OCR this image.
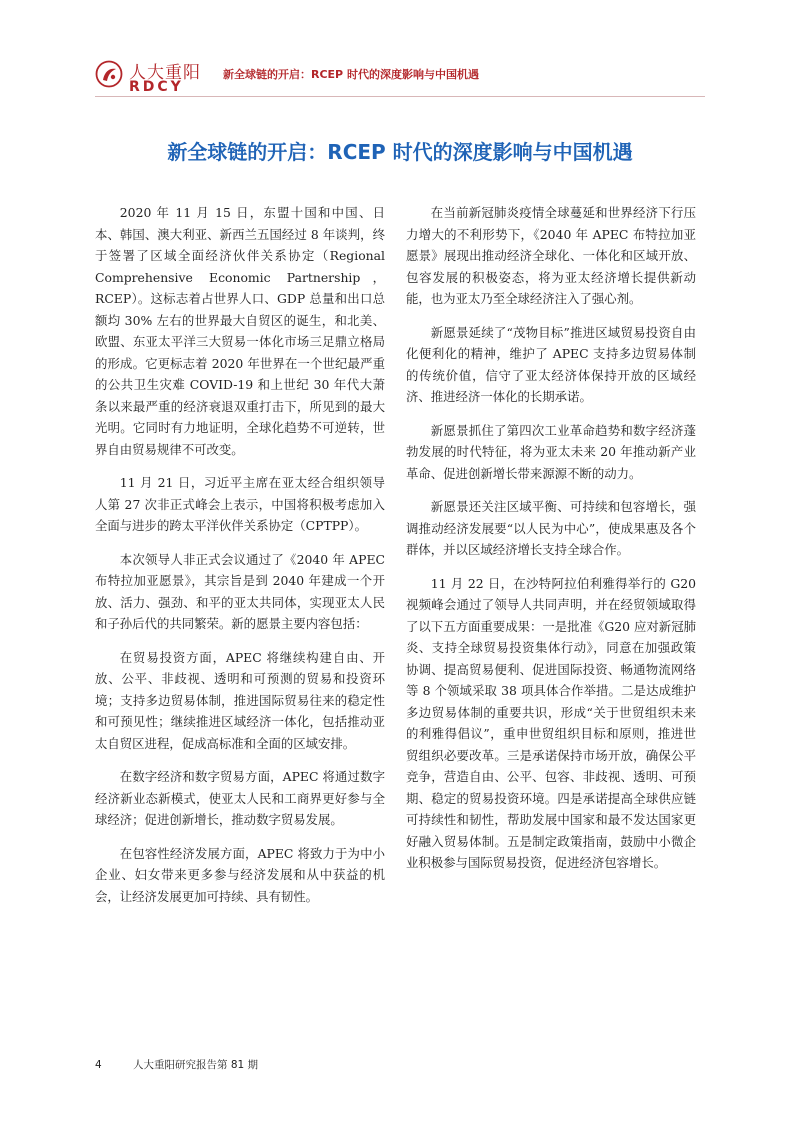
人大重阳
RDCY
新全球链的开启：RCEP 时代的深度影响与中国机遇
新全球链的开启：RCEP 时代的深度影响与中国机遇

2020 年 11 月 15 日，东盟十国和中国、日本、韩国、澳大利亚、新西兰五国经过 8 年谈判，终于签署了区域全面经济伙伴关系协定（Regional Comprehensive Economic Partnership，RCEP）。这标志着占世界人口、GDP 总量和出口总额均 30% 左右的世界最大自贸区的诞生，和北美、欧盟、东亚太平洋三大贸易一体化市场三足鼎立格局的形成。它更标志着 2020 年世界在一个世纪最严重的公共卫生灾难 COVID-19 和上世纪 30 年代大萧条以来最严重的经济衰退双重打击下，所见到的最大光明。它同时有力地证明，全球化趋势不可逆转，世界自由贸易规律不可改变。

11 月 21 日，习近平主席在亚太经合组织领导人第 27 次非正式峰会上表示，中国将积极考虑加入全面与进步的跨太平洋伙伴关系协定（CPTPP）。

本次领导人非正式会议通过了《2040 年 APEC 布特拉加亚愿景》，其宗旨是到 2040 年建成一个开放、活力、强劲、和平的亚太共同体，实现亚太人民和子孙后代的共同繁荣。新的愿景主要内容包括：

在贸易投资方面，APEC 将继续构建自由、开放、公平、非歧视、透明和可预测的贸易和投资环境；支持多边贸易体制，推进国际贸易往来的稳定性和可预见性；继续推进区域经济一体化，包括推动亚太自贸区进程，促成高标准和全面的区域安排。

在数字经济和数字贸易方面，APEC 将通过数字经济新业态新模式，使亚太人民和工商界更好参与全球经济；促进创新增长，推动数字贸易发展。

在包容性经济发展方面，APEC 将致力于为中小企业、妇女带来更多参与经济发展和从中获益的机会，让经济发展更加可持续、具有韧性。

在当前新冠肺炎疫情全球蔓延和世界经济下行压力增大的不利形势下，《2040 年 APEC 布特拉加亚愿景》展现出推动经济全球化、一体化和区域开放、包容发展的积极姿态，将为亚太经济增长提供新动能，也为亚太乃至全球经济注入了强心剂。

新愿景延续了“茂物目标”推进区域贸易投资自由化便利化的精神，维护了 APEC 支持多边贸易体制的传统价值，信守了亚太经济体保持开放的区域经济、推进经济一体化的长期承诺。

新愿景抓住了第四次工业革命趋势和数字经济蓬勃发展的时代特征，将为亚太未来 20 年推动新产业革命、促进创新增长带来源源不断的动力。

新愿景还关注区域平衡、可持续和包容增长，强调推动经济发展要“以人民为中心”，使成果惠及各个群体，并以区域经济增长支持全球合作。

11 月 22 日，在沙特阿拉伯利雅得举行的 G20 视频峰会通过了领导人共同声明，并在经贸领域取得了以下五方面重要成果：一是批准《G20 应对新冠肺炎、支持全球贸易投资集体行动》，同意在加强政策协调、提高贸易便利、促进国际投资、畅通物流网络等 8 个领域采取 38 项具体合作举措。二是达成维护多边贸易体制的重要共识，形成“关于世贸组织未来的利雅得倡议”，重申世贸组织目标和原则，推进世贸组织必要改革。三是承诺保持市场开放，确保公平竞争，营造自由、公平、包容、非歧视、透明、可预期、稳定的贸易投资环境。四是承诺提高全球供应链可持续性和韧性，帮助发展中国家和最不发达国家更好融入贸易体制。五是制定政策指南，鼓励中小微企业积极参与国际贸易投资，促进经济包容增长。

4	人大重阳研究报告第 81 期
